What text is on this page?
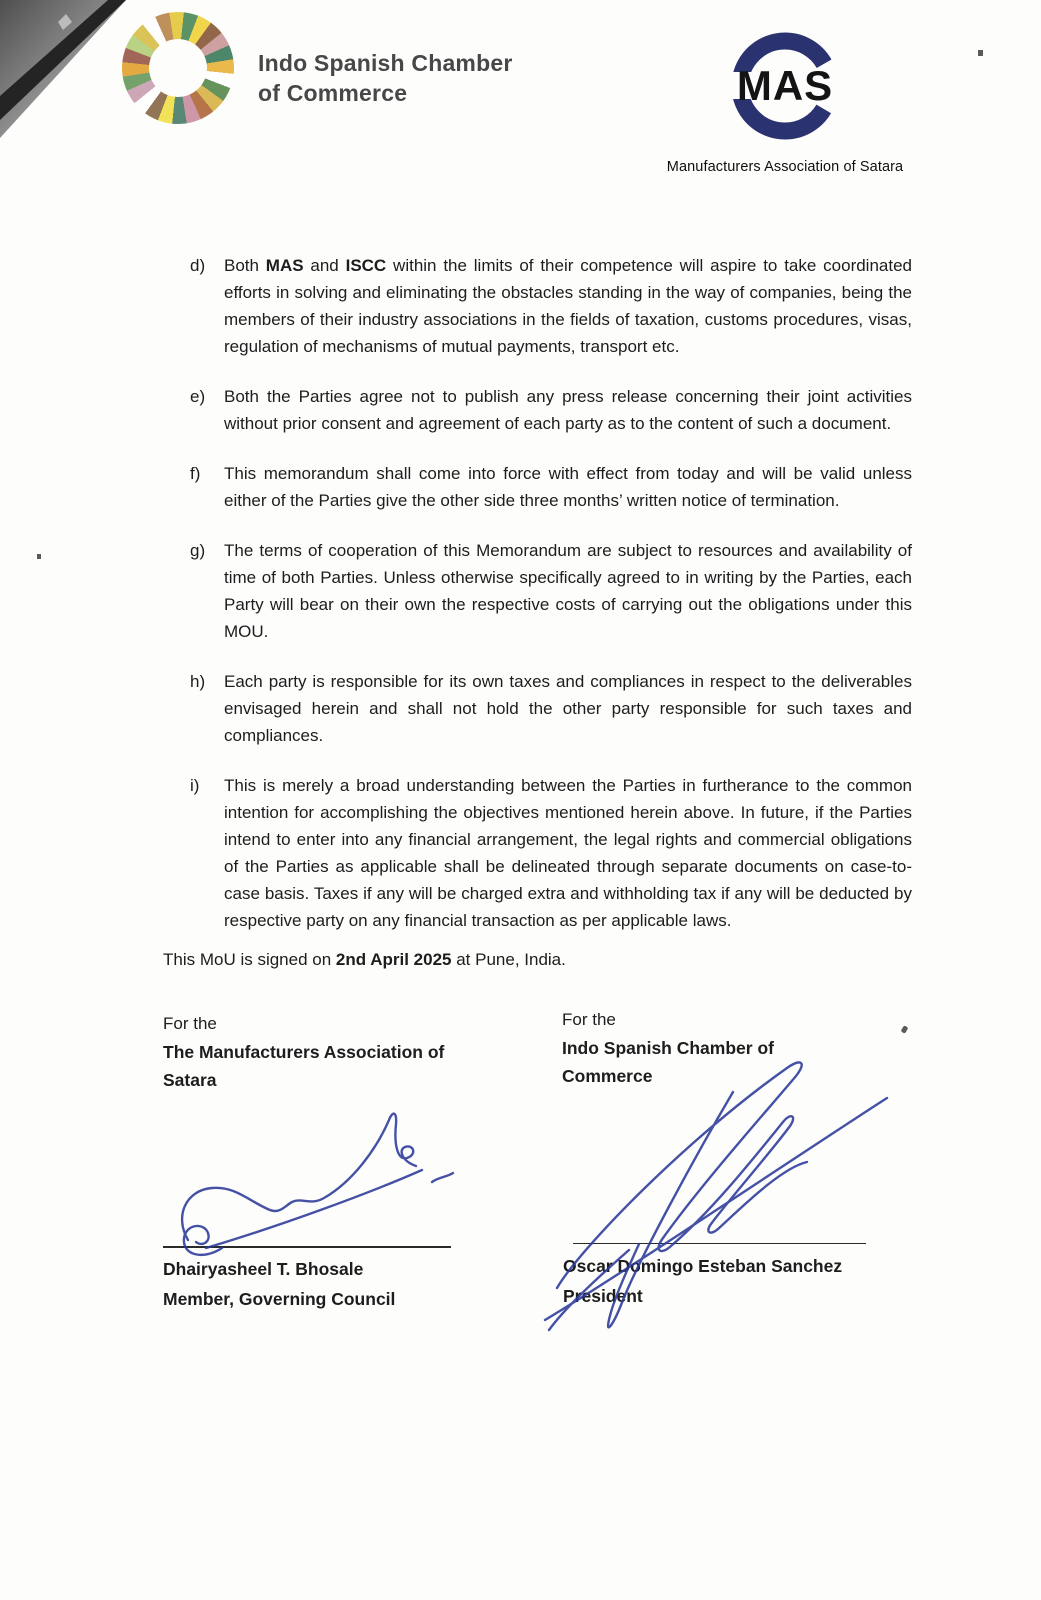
Indo Spanish Chamber
of Commerce	MAS
Manufacturers Association of Satara
d)	Both MAS and ISCC within the limits of their competence will aspire to take coordinated efforts in solving and eliminating the obstacles standing in the way of companies, being the members of their industry associations in the fields of taxation, customs procedures, visas, regulation of mechanisms of mutual payments, transport etc.
e)	Both the Parties agree not to publish any press release concerning their joint activities without prior consent and agreement of each party as to the content of such a document.
f)	This memorandum shall come into force with effect from today and will be valid unless either of the Parties give the other side three months’ written notice of termination.
g)	The terms of cooperation of this Memorandum are subject to resources and availability of time of both Parties. Unless otherwise specifically agreed to in writing by the Parties, each Party will bear on their own the respective costs of carrying out the obligations under this MOU.
h)	Each party is responsible for its own taxes and compliances in respect to the deliverables envisaged herein and shall not hold the other party responsible for such taxes and compliances.
i)	This is merely a broad understanding between the Parties in furtherance to the common intention for accomplishing the objectives mentioned herein above. In future, if the Parties intend to enter into any financial arrangement, the legal rights and commercial obligations of the Parties as applicable shall be delineated through separate documents on case-to-case basis. Taxes if any will be charged extra and withholding tax if any will be deducted by respective party on any financial transaction as per applicable laws.
This MoU is signed on 2nd April 2025 at Pune, India.
For the
The Manufacturers Association of Satara
For the
Indo Spanish Chamber of Commerce
Dhairyasheel T. Bhosale
Member, Governing Council
Oscar Domingo Esteban Sanchez
President
